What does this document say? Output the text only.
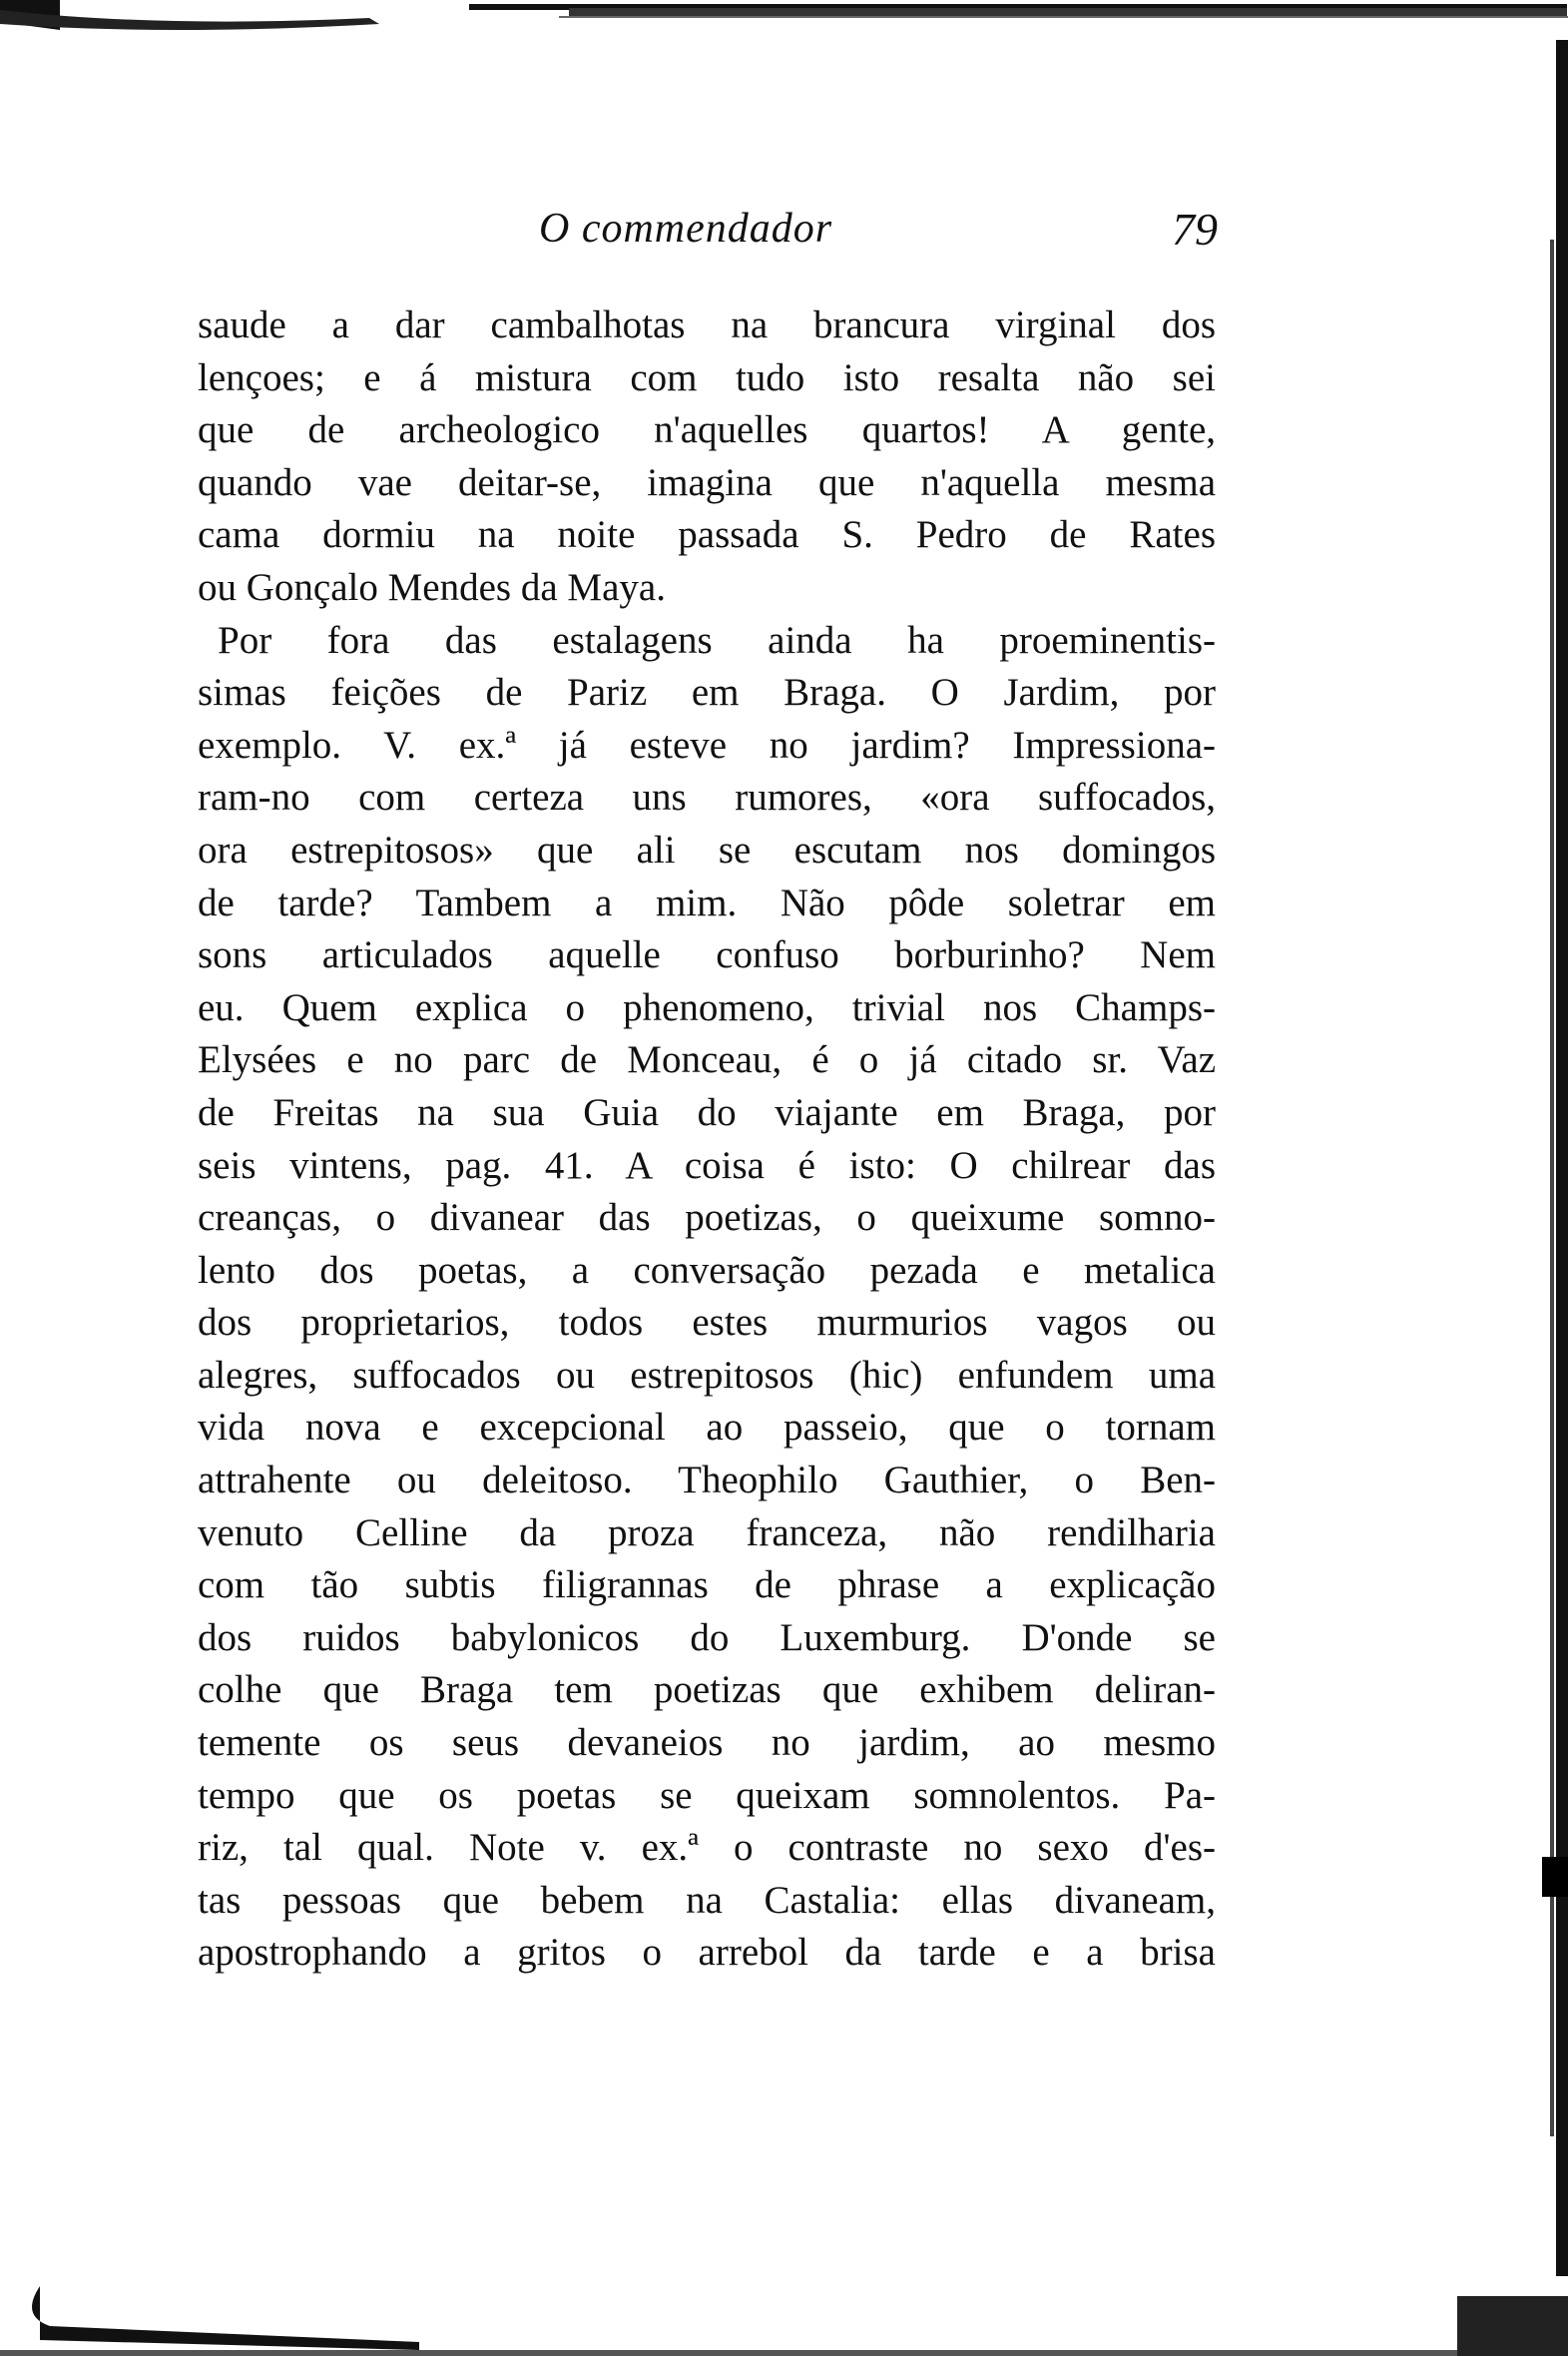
O commendador	79
saude a dar cambalhotas na brancura virginal dos
lençoes; e á mistura com tudo isto resalta não sei
que de archeologico n'aquelles quartos! A gente,
quando vae deitar-se, imagina que n'aquella mesma
cama dormiu na noite passada S. Pedro de Rates
ou Gonçalo Mendes da Maya.
Por fora das estalagens ainda ha proeminentis-
simas feições de Pariz em Braga. O Jardim, por
exemplo. V. ex.ª já esteve no jardim? Impressiona-
ram-no com certeza uns rumores, «ora suffocados,
ora estrepitosos» que ali se escutam nos domingos
de tarde? Tambem a mim. Não pôde soletrar em
sons articulados aquelle confuso borburinho? Nem
eu. Quem explica o phenomeno, trivial nos Champs-
Elysées e no parc de Monceau, é o já citado sr. Vaz
de Freitas na sua Guia do viajante em Braga, por
seis vintens, pag. 41. A coisa é isto: O chilrear das
creanças, o divanear das poetizas, o queixume somno-
lento dos poetas, a conversação pezada e metalica
dos proprietarios, todos estes murmurios vagos ou
alegres, suffocados ou estrepitosos (hic) enfundem uma
vida nova e excepcional ao passeio, que o tornam
attrahente ou deleitoso. Theophilo Gauthier, o Ben-
venuto Celline da proza franceza, não rendilharia
com tão subtis filigrannas de phrase a explicação
dos ruidos babylonicos do Luxemburg. D'onde se
colhe que Braga tem poetizas que exhibem deliran-
temente os seus devaneios no jardim, ao mesmo
tempo que os poetas se queixam somnolentos. Pa-
riz, tal qual. Note v. ex.ª o contraste no sexo d'es-
tas pessoas que bebem na Castalia: ellas divaneam,
apostrophando a gritos o arrebol da tarde e a brisa
